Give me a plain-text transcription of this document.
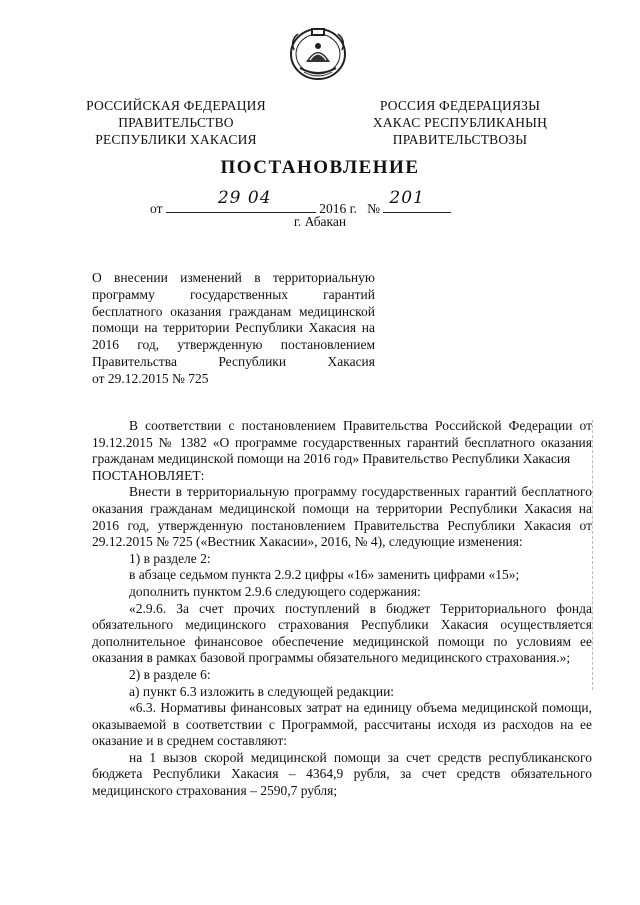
РОССИЙСКАЯ ФЕДЕРАЦИЯ
ПРАВИТЕЛЬСТВО
РЕСПУБЛИКИ ХАКАСИЯ
РОССИЯ ФЕДЕРАЦИЯЗЫ
ХАКАС РЕСПУБЛИКАНЫҢ
ПРАВИТЕЛЬСТВОЗЫ
ПОСТАНОВЛЕНИЕ
от
29 04
2016 г. №
201
г. Абакан
О внесении изменений в территориальную
программу государственных гарантий
бесплатного оказания гражданам медицинской
помощи на территории Республики Хакасия на
2016 год, утвержденную постановлением
Правительства Республики Хакасия
от 29.12.2015 № 725

В соответствии с постановлением Правительства Российской Федерации от 19.12.2015 № 1382 «О программе государственных гарантий бесплатного оказания гражданам медицинской помощи на 2016 год» Правительство Республики Хакасия

ПОСТАНОВЛЯЕТ:

Внести в территориальную программу государственных гарантий бесплатного оказания гражданам медицинской помощи на территории Республики Хакасия на 2016 год, утвержденную постановлением Правительства Республики Хакасия от 29.12.2015 № 725 («Вестник Хакасии», 2016, № 4), следующие изменения:

1) в разделе 2:

в абзаце седьмом пункта 2.9.2 цифры «16» заменить цифрами «15»;

дополнить пунктом 2.9.6 следующего содержания:

«2.9.6. За счет прочих поступлений в бюджет Территориального фонда обязательного медицинского страхования Республики Хакасия осуществляется дополнительное финансовое обеспечение медицинской помощи по условиям ее оказания в рамках базовой программы обязательного медицинского страхования.»;

2) в разделе 6:

а) пункт 6.3 изложить в следующей редакции:

«6.3. Нормативы финансовых затрат на единицу объема медицинской помощи, оказываемой в соответствии с Программой, рассчитаны исходя из расходов на ее оказание и в среднем составляют:

на 1 вызов скорой медицинской помощи за счет средств республиканского бюджета Республики Хакасия – 4364,9 рубля, за счет средств обязательного медицинского страхования – 2590,7 рубля;
